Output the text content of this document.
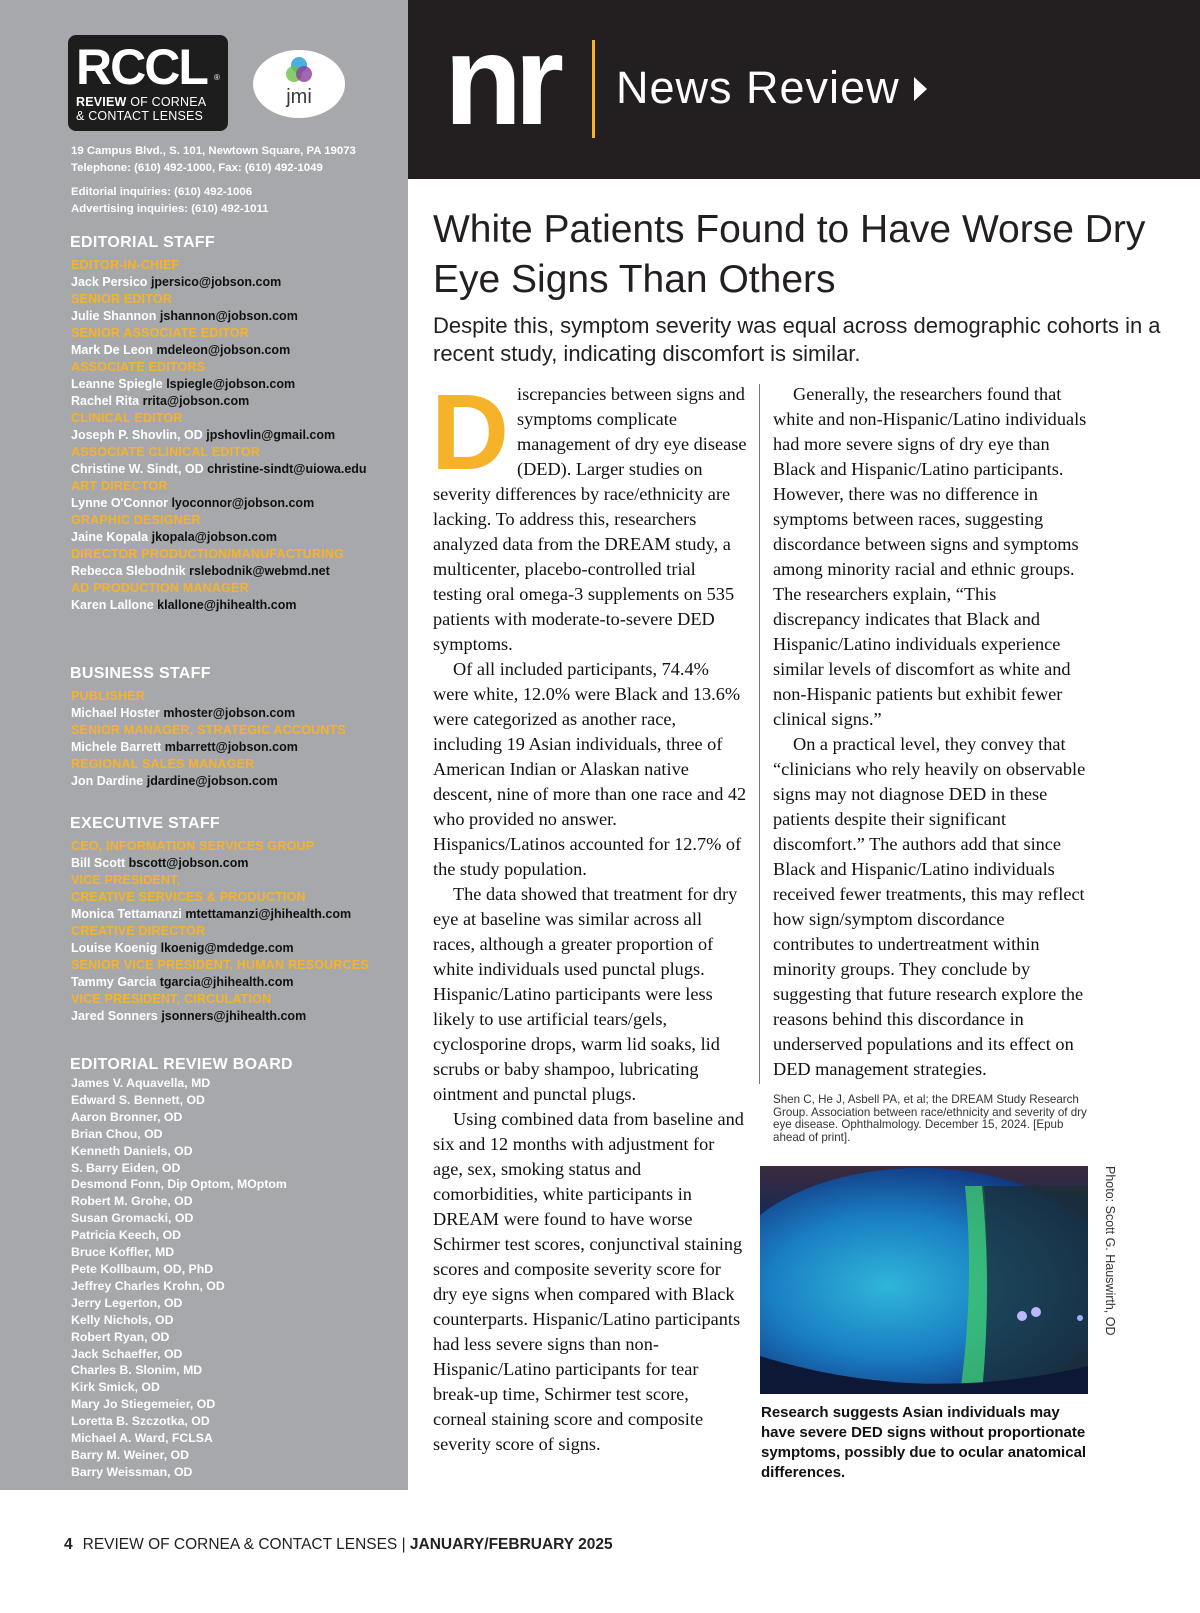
RCCL ®
REVIEW OF CORNEA
& CONTACT LENSES
jmi
19 Campus Blvd., S. 101, Newtown Square, PA 19073
Telephone: (610) 492-1000, Fax: (610) 492-1049
Editorial inquiries: (610) 492-1006
Advertising inquiries: (610) 492-1011
EDITORIAL STAFF
EDITOR-IN-CHIEF
Jack Persico jpersico@jobson.com
SENIOR EDITOR
Julie Shannon jshannon@jobson.com
SENIOR ASSOCIATE EDITOR
Mark De Leon mdeleon@jobson.com
ASSOCIATE EDITORS
Leanne Spiegle lspiegle@jobson.com
Rachel Rita rrita@jobson.com
CLINICAL EDITOR
Joseph P. Shovlin, OD jpshovlin@gmail.com
ASSOCIATE CLINICAL EDITOR
Christine W. Sindt, OD christine-sindt@uiowa.edu
ART DIRECTOR
Lynne O'Connor lyoconnor@jobson.com
GRAPHIC DESIGNER
Jaine Kopala jkopala@jobson.com
DIRECTOR PRODUCTION/MANUFACTURING
Rebecca Slebodnik rslebodnik@webmd.net
AD PRODUCTION MANAGER
Karen Lallone klallone@jhihealth.com
BUSINESS STAFF
PUBLISHER
Michael Hoster mhoster@jobson.com
SENIOR MANAGER, STRATEGIC ACCOUNTS
Michele Barrett mbarrett@jobson.com
REGIONAL SALES MANAGER
Jon Dardine jdardine@jobson.com
EXECUTIVE STAFF
CEO, INFORMATION SERVICES GROUP
Bill Scott bscott@jobson.com
VICE PRESIDENT,
CREATIVE SERVICES & PRODUCTION
Monica Tettamanzi mtettamanzi@jhihealth.com
CREATIVE DIRECTOR
Louise Koenig lkoenig@mdedge.com
SENIOR VICE PRESIDENT, HUMAN RESOURCES
Tammy Garcia tgarcia@jhihealth.com
VICE PRESIDENT, CIRCULATION
Jared Sonners jsonners@jhihealth.com
EDITORIAL REVIEW BOARD
James V. Aquavella, MD
Edward S. Bennett, OD
Aaron Bronner, OD
Brian Chou, OD
Kenneth Daniels, OD
S. Barry Eiden, OD
Desmond Fonn, Dip Optom, MOptom
Robert M. Grohe, OD
Susan Gromacki, OD
Patricia Keech, OD
Bruce Koffler, MD
Pete Kollbaum, OD, PhD
Jeffrey Charles Krohn, OD
Jerry Legerton, OD
Kelly Nichols, OD
Robert Ryan, OD
Jack Schaeffer, OD
Charles B. Slonim, MD
Kirk Smick, OD
Mary Jo Stiegemeier, OD
Loretta B. Szczotka, OD
Michael A. Ward, FCLSA
Barry M. Weiner, OD
Barry Weissman, OD
nr News Review
White Patients Found to Have Worse Dry Eye Signs Than Others
Despite this, symptom severity was equal across demographic cohorts in a recent study, indicating discomfort is similar.
D iscrepancies between signs and symptoms complicate management of dry eye disease (DED). Larger studies on severity differences by race/ethnicity are lacking. To address this, researchers analyzed data from the DREAM study, a multicenter, placebo-controlled trial testing oral omega-3 supplements on 535 patients with moderate-to-severe DED symptoms.

Of all included participants, 74.4% were white, 12.0% were Black and 13.6% were categorized as another race, including 19 Asian individuals, three of American Indian or Alaskan native descent, nine of more than one race and 42 who provided no answer. Hispanics/Latinos accounted for 12.7% of the study population.

The data showed that treatment for dry eye at baseline was similar across all races, although a greater proportion of white individuals used punctal plugs. Hispanic/Latino participants were less likely to use artificial tears/gels, cyclosporine drops, warm lid soaks, lid scrubs or baby shampoo, lubricating ointment and punctal plugs.

Using combined data from baseline and six and 12 months with adjustment for age, sex, smoking status and comorbidities, white participants in DREAM were found to have worse Schirmer test scores, conjunctival staining scores and composite severity score for dry eye signs when compared with Black counterparts. Hispanic/Latino participants had less severe signs than non-Hispanic/Latino participants for tear break-up time, Schirmer test score, corneal staining score and composite severity score of signs.

Generally, the researchers found that white and non-Hispanic/Latino individuals had more severe signs of dry eye than Black and Hispanic/Latino participants. However, there was no difference in symptoms between races, suggesting discordance between signs and symptoms among minority racial and ethnic groups. The researchers explain, “This discrepancy indicates that Black and Hispanic/Latino individuals experience similar levels of discomfort as white and non-Hispanic patients but exhibit fewer clinical signs.”

On a practical level, they convey that “clinicians who rely heavily on observable signs may not diagnose DED in these patients despite their significant discomfort.” The authors add that since Black and Hispanic/Latino individuals received fewer treatments, this may reflect how sign/symptom discordance contributes to undertreatment within minority groups. They conclude by suggesting that future research explore the reasons behind this discordance in underserved populations and its effect on DED management strategies.

Shen C, He J, Asbell PA, et al; the DREAM Study Research Group. Association between race/ethnicity and severity of dry eye disease. Ophthalmology. December 15, 2024. [Epub ahead of print].
Photo: Scott G. Hauswirth, OD
Research suggests Asian individuals may have severe DED signs without proportionate symptoms, possibly due to ocular anatomical differences.
4 REVIEW OF CORNEA & CONTACT LENSES | JANUARY/FEBRUARY 2025
